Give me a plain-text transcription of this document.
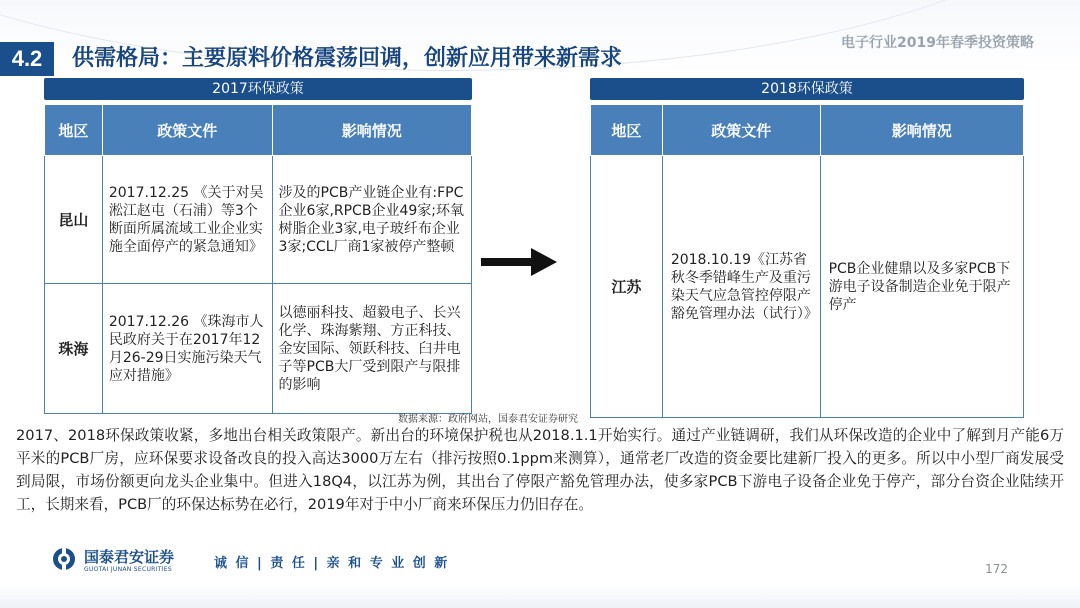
4.2	供需格局：主要原料价格震荡回调，创新应用带来新需求
电子行业2019年春季投资策略
2017环保政策
地区	政策文件	影响情况
昆山	2017.12.25 《关于对吴淞江赵屯（石浦）等3个断面所属流域工业企业实施全面停产的紧急通知》	涉及的PCB产业链企业有:FPC企业6家,RPCB企业49家;环氧树脂企业3家,电子玻纤布企业3家;CCL厂商1家被停产整顿
珠海	2017.12.26 《珠海市人民政府关于在2017年12月26-29日实施污染天气应对措施》	以德丽科技、超毅电子、长兴化学、珠海紫翔、方正科技、金安国际、领跃科技、臼井电子等PCB大厂受到限产与限排的影响
2018环保政策
地区	政策文件	影响情况
江苏	2018.10.19《江苏省秋冬季错峰生产及重污染天气应急管控停限产豁免管理办法（试行）》	PCB企业健鼎以及多家PCB下游电子设备制造企业免于限产停产
数据来源：政府网站，国泰君安证券研究
2017、2018环保政策收紧，多地出台相关政策限产。新出台的环境保护税也从2018.1.1开始实行。通过产业链调研，我们从环保改造的企业中了解到月产能6万平米的PCB厂房，应环保要求设备改良的投入高达3000万左右（排污按照0.1ppm来测算），通常老厂改造的资金要比建新厂投入的更多。所以中小型厂商发展受到局限，市场份额更向龙头企业集中。但进入18Q4，以江苏为例，其出台了停限产豁免管理办法，使多家PCB下游电子设备企业免于停产，部分台资企业陆续开工，长期来看，PCB厂的环保达标势在必行，2019年对于中小厂商来环保压力仍旧存在。
国泰君安证券
GUOTAI JUNAN SECURITIES	诚 信 | 责 任 | 亲 和 专 业 创 新	172
